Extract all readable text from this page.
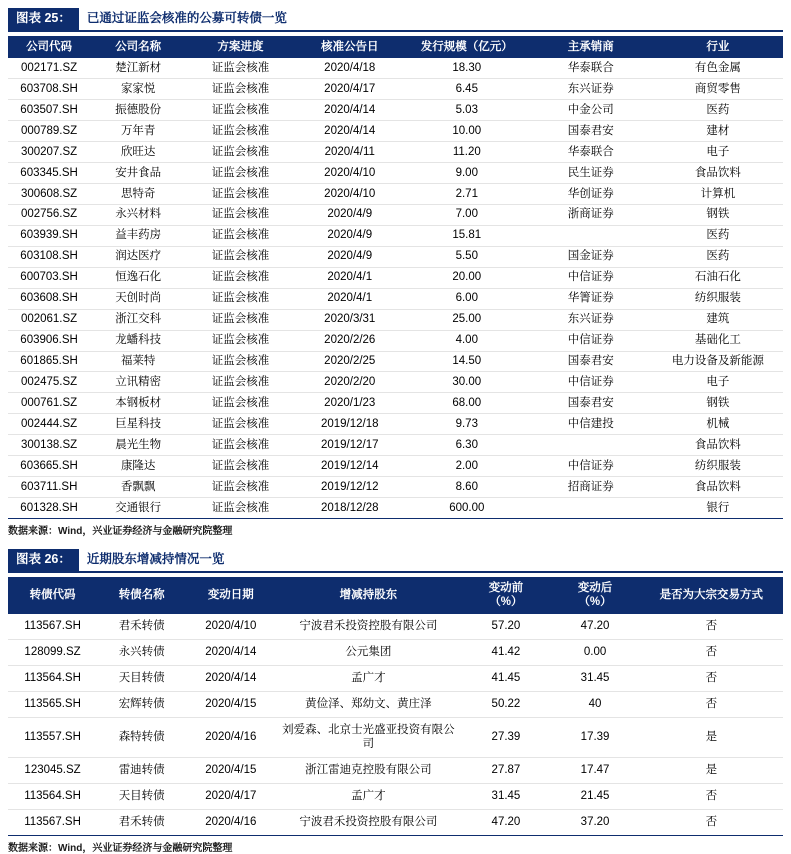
图表 25：	已通过证监会核准的公募可转债一览
公司代码	公司名称	方案进度	核准公告日	发行规模（亿元）	主承销商	行业
002171.SZ	楚江新材	证监会核准	2020/4/18	18.30	华泰联合	有色金属
603708.SH	家家悦	证监会核准	2020/4/17	6.45	东兴证券	商贸零售
603507.SH	振德股份	证监会核准	2020/4/14	5.03	中金公司	医药
000789.SZ	万年青	证监会核准	2020/4/14	10.00	国泰君安	建材
300207.SZ	欣旺达	证监会核准	2020/4/11	11.20	华泰联合	电子
603345.SH	安井食品	证监会核准	2020/4/10	9.00	民生证券	食品饮料
300608.SZ	思特奇	证监会核准	2020/4/10	2.71	华创证券	计算机
002756.SZ	永兴材料	证监会核准	2020/4/9	7.00	浙商证券	钢铁
603939.SH	益丰药房	证监会核准	2020/4/9	15.81		医药
603108.SH	润达医疗	证监会核准	2020/4/9	5.50	国金证券	医药
600703.SH	恒逸石化	证监会核准	2020/4/1	20.00	中信证券	石油石化
603608.SH	天创时尚	证监会核准	2020/4/1	6.00	华箐证券	纺织服装
002061.SZ	浙江交科	证监会核准	2020/3/31	25.00	东兴证券	建筑
603906.SH	龙蟠科技	证监会核准	2020/2/26	4.00	中信证券	基础化工
601865.SH	福莱特	证监会核准	2020/2/25	14.50	国泰君安	电力设备及新能源
002475.SZ	立讯精密	证监会核准	2020/2/20	30.00	中信证券	电子
000761.SZ	本钢板材	证监会核准	2020/1/23	68.00	国泰君安	钢铁
002444.SZ	巨星科技	证监会核准	2019/12/18	9.73	中信建投	机械
300138.SZ	晨光生物	证监会核准	2019/12/17	6.30		食品饮料
603665.SH	康隆达	证监会核准	2019/12/14	2.00	中信证券	纺织服装
603711.SH	香飘飘	证监会核准	2019/12/12	8.60	招商证券	食品饮料
601328.SH	交通银行	证监会核准	2018/12/28	600.00		银行
数据来源：Wind，兴业证券经济与金融研究院整理
图表 26：	近期股东增减持情况一览
转债代码	转债名称	变动日期	增减持股东	变动前
（%）	变动后
（%）	是否为大宗交易方式
113567.SH	君禾转债	2020/4/10	宁波君禾投资控股有限公司	57.20	47.20	否
128099.SZ	永兴转债	2020/4/14	公元集团	41.42	0.00	否
113564.SH	天目转债	2020/4/14	孟广才	41.45	31.45	否
113565.SH	宏辉转债	2020/4/15	黄俭泽、郑幼文、黄庄泽	50.22	40	否
113557.SH	森特转债	2020/4/16	刘爱森、北京士光盛亚投资有限公司	27.39	17.39	是
123045.SZ	雷迪转债	2020/4/15	浙江雷迪克控股有限公司	27.87	17.47	是
113564.SH	天目转债	2020/4/17	孟广才	31.45	21.45	否
113567.SH	君禾转债	2020/4/16	宁波君禾投资控股有限公司	47.20	37.20	否
数据来源：Wind，兴业证券经济与金融研究院整理
